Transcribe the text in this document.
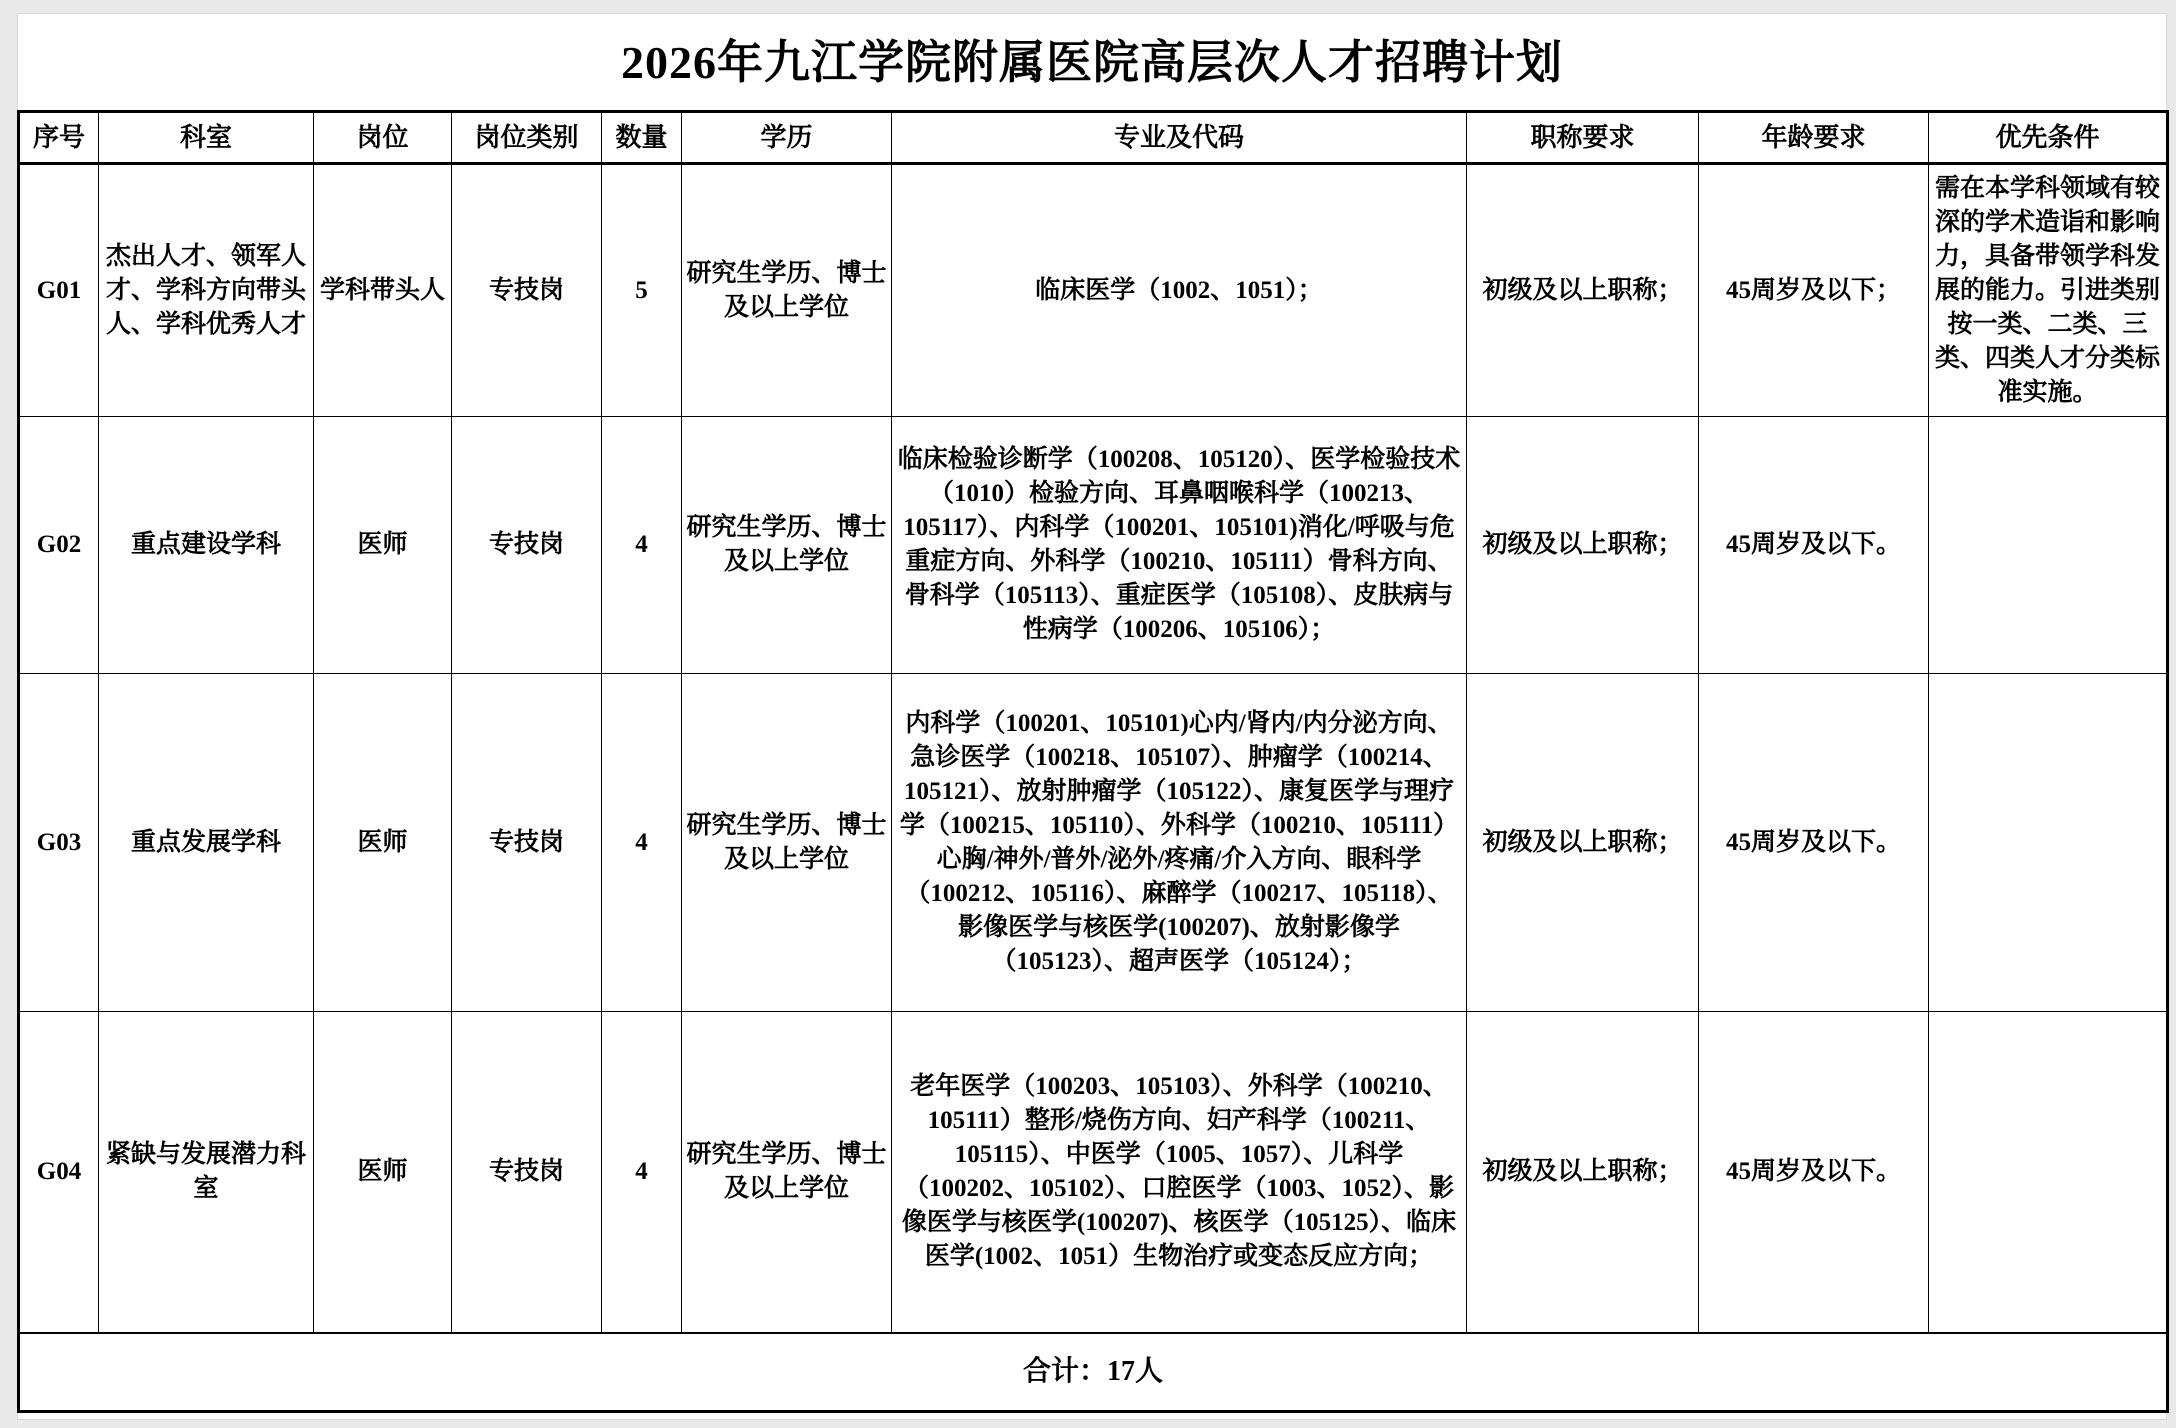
2026年九江学院附属医院高层次人才招聘计划
序号	科室	岗位	岗位类别	数量	学历	专业及代码	职称要求	年龄要求	优先条件
G01	杰出人才、领军人才、学科方向带头人、学科优秀人才	学科带头人	专技岗	5	研究生学历、博士及以上学位	临床医学（1002、1051）；	初级及以上职称；	45周岁及以下；	需在本学科领域有较深的学术造诣和影响力，具备带领学科发展的能力。引进类别按一类、二类、三类、四类人才分类标准实施。
G02	重点建设学科	医师	专技岗	4	研究生学历、博士及以上学位	临床检验诊断学（100208、105120）、医学检验技术（1010）检验方向、耳鼻咽喉科学（100213、105117）、内科学（100201、105101)消化/呼吸与危重症方向、外科学（100210、105111）骨科方向、骨科学（105113）、重症医学（105108）、皮肤病与性病学（100206、105106）；	初级及以上职称；	45周岁及以下。	
G03	重点发展学科	医师	专技岗	4	研究生学历、博士及以上学位	内科学（100201、105101)心内/肾内/内分泌方向、急诊医学（100218、105107）、肿瘤学（100214、105121）、放射肿瘤学（105122）、康复医学与理疗学（100215、105110）、外科学（100210、105111）心胸/神外/普外/泌外/疼痛/介入方向、眼科学（100212、105116）、麻醉学（100217、105118）、影像医学与核医学(100207)、放射影像学（105123）、超声医学（105124）；	初级及以上职称；	45周岁及以下。	
G04	紧缺与发展潜力科室	医师	专技岗	4	研究生学历、博士及以上学位	老年医学（100203、105103）、外科学（100210、105111）整形/烧伤方向、妇产科学（100211、105115）、中医学（1005、1057）、儿科学（100202、105102）、口腔医学（1003、1052）、影像医学与核医学(100207)、核医学（105125）、临床医学(1002、1051）生物治疗或变态反应方向；	初级及以上职称；	45周岁及以下。	
合计：17人									
